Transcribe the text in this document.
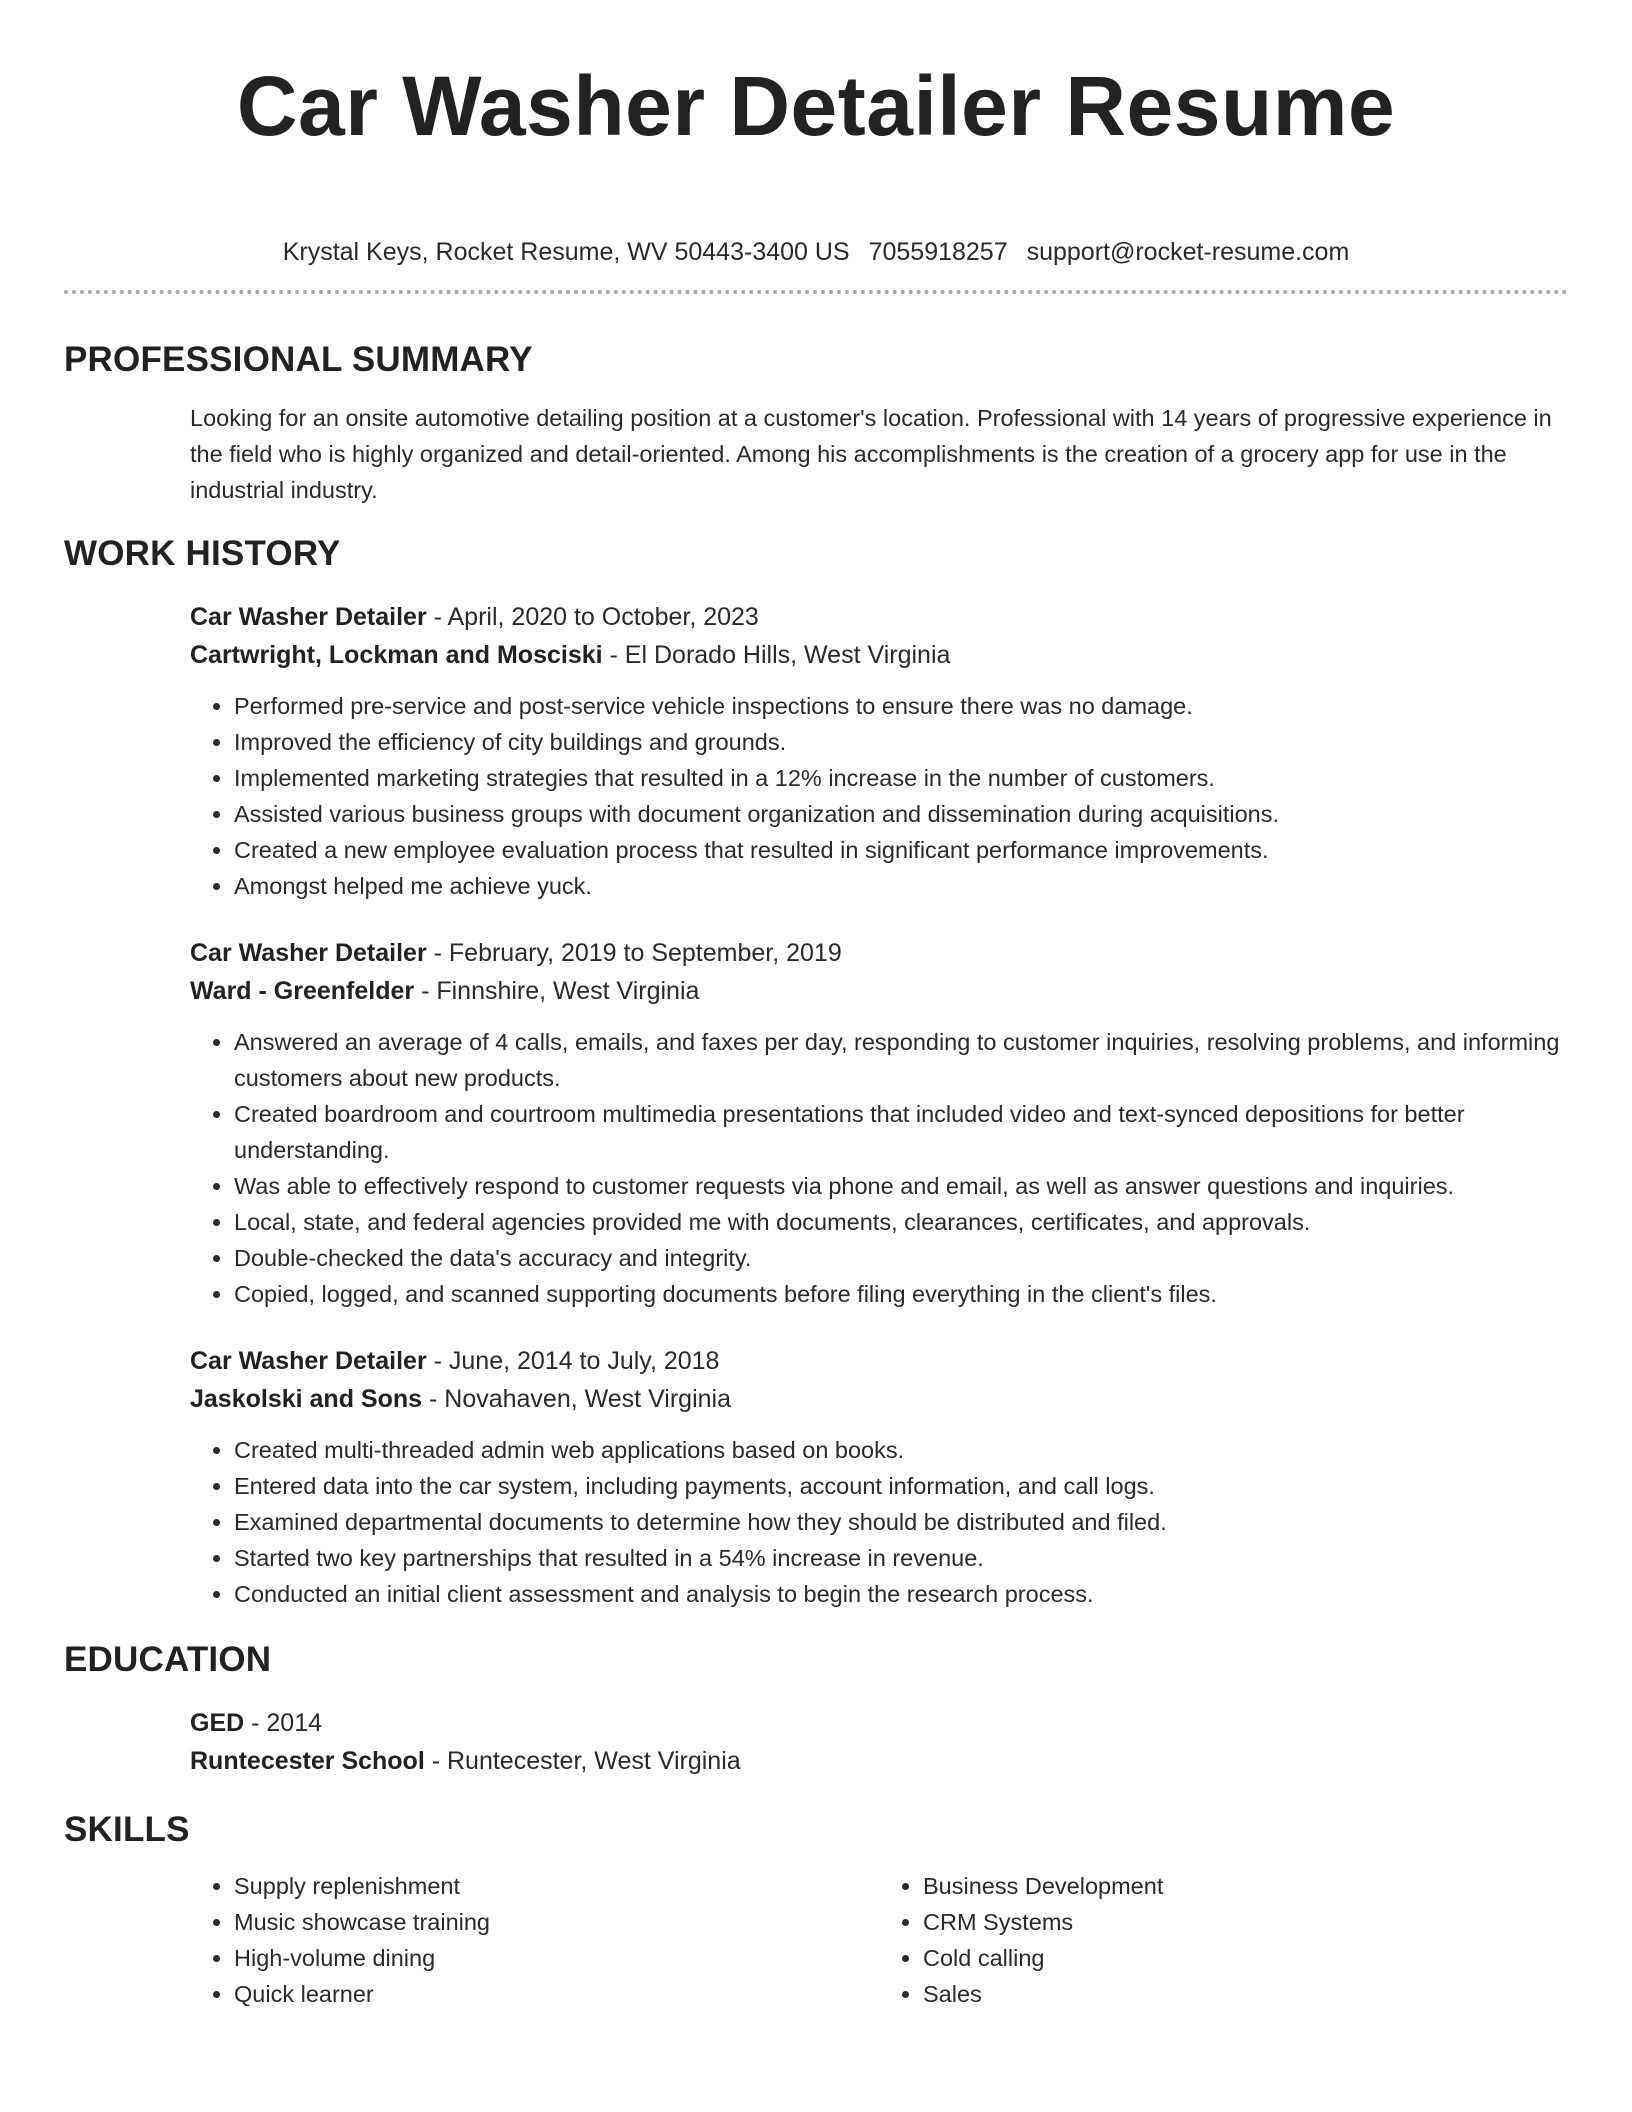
Car Washer Detailer Resume
Krystal Keys, Rocket Resume, WV 50443-3400 US 7055918257 support@rocket-resume.com
PROFESSIONAL SUMMARY

Looking for an onsite automotive detailing position at a customer's location. Professional with 14 years of progressive experience in the field who is highly organized and detail-oriented. Among his accomplishments is the creation of a grocery app for use in the industrial industry.

WORK HISTORY
Car Washer Detailer - April, 2020 to October, 2023
Cartwright, Lockman and Mosciski - El Dorado Hills, West Virginia
• Performed pre-service and post-service vehicle inspections to ensure there was no damage.
• Improved the efficiency of city buildings and grounds.
• Implemented marketing strategies that resulted in a 12% increase in the number of customers.
• Assisted various business groups with document organization and dissemination during acquisitions.
• Created a new employee evaluation process that resulted in significant performance improvements.
• Amongst helped me achieve yuck.
Car Washer Detailer - February, 2019 to September, 2019
Ward - Greenfelder - Finnshire, West Virginia
• Answered an average of 4 calls, emails, and faxes per day, responding to customer inquiries, resolving problems, and informing customers about new products.
• Created boardroom and courtroom multimedia presentations that included video and text-synced depositions for better understanding.
• Was able to effectively respond to customer requests via phone and email, as well as answer questions and inquiries.
• Local, state, and federal agencies provided me with documents, clearances, certificates, and approvals.
• Double-checked the data's accuracy and integrity.
• Copied, logged, and scanned supporting documents before filing everything in the client's files.
Car Washer Detailer - June, 2014 to July, 2018
Jaskolski and Sons - Novahaven, West Virginia
• Created multi-threaded admin web applications based on books.
• Entered data into the car system, including payments, account information, and call logs.
• Examined departmental documents to determine how they should be distributed and filed.
• Started two key partnerships that resulted in a 54% increase in revenue.
• Conducted an initial client assessment and analysis to begin the research process.
EDUCATION
GED - 2014
Runtecester School - Runtecester, West Virginia
SKILLS
• Supply replenishment
• Music showcase training
• High-volume dining
• Quick learner
• Business Development
• CRM Systems
• Cold calling
• Sales
